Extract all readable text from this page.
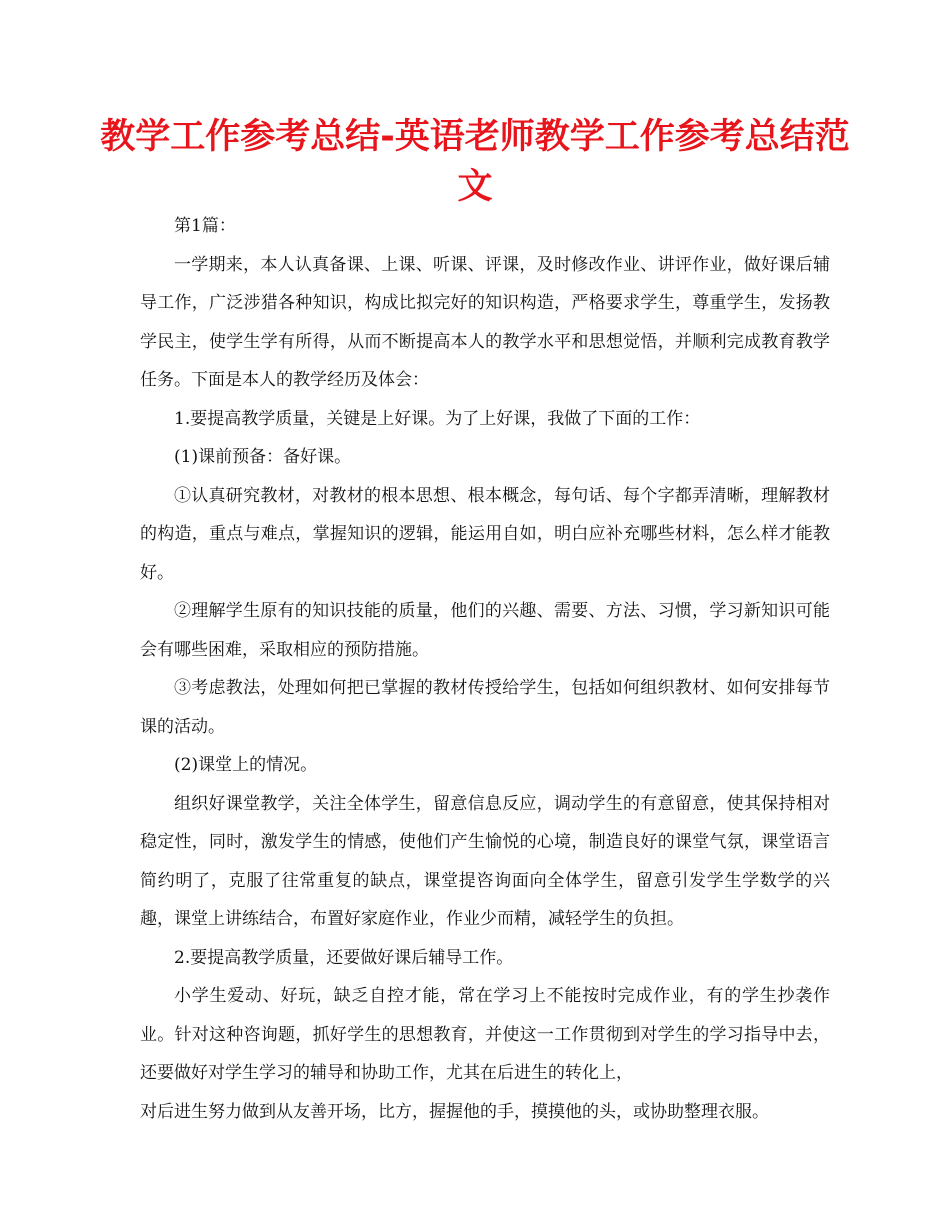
教学工作参考总结-英语老师教学工作参考总结范文

第1篇：

一学期来，本人认真备课、上课、听课、评课，及时修改作业、讲评作业，做好课后辅导工作，广泛涉猎各种知识，构成比拟完好的知识构造，严格要求学生，尊重学生，发扬教学民主，使学生学有所得，从而不断提高本人的教学水平和思想觉悟，并顺利完成教育教学任务。下面是本人的教学经历及体会：

1.要提高教学质量，关键是上好课。为了上好课，我做了下面的工作：

(1)课前预备：备好课。

①认真研究教材，对教材的根本思想、根本概念，每句话、每个字都弄清晰，理解教材的构造，重点与难点，掌握知识的逻辑，能运用自如，明白应补充哪些材料，怎么样才能教好。

②理解学生原有的知识技能的质量，他们的兴趣、需要、方法、习惯，学习新知识可能会有哪些困难，采取相应的预防措施。

③考虑教法，处理如何把已掌握的教材传授给学生，包括如何组织教材、如何安排每节课的活动。

(2)课堂上的情况。

组织好课堂教学，关注全体学生，留意信息反应，调动学生的有意留意，使其保持相对稳定性，同时，激发学生的情感，使他们产生愉悦的心境，制造良好的课堂气氛，课堂语言简约明了，克服了往常重复的缺点，课堂提咨询面向全体学生，留意引发学生学数学的兴趣，课堂上讲练结合，布置好家庭作业，作业少而精，减轻学生的负担。

2.要提高教学质量，还要做好课后辅导工作。

小学生爱动、好玩，缺乏自控才能，常在学习上不能按时完成作业，有的学生抄袭作业。针对这种咨询题，抓好学生的思想教育，并使这一工作贯彻到对学生的学习指导中去，还要做好对学生学习的辅导和协助工作，尤其在后进生的转化上，

对后进生努力做到从友善开场，比方，握握他的手，摸摸他的头，或协助整理衣服。
